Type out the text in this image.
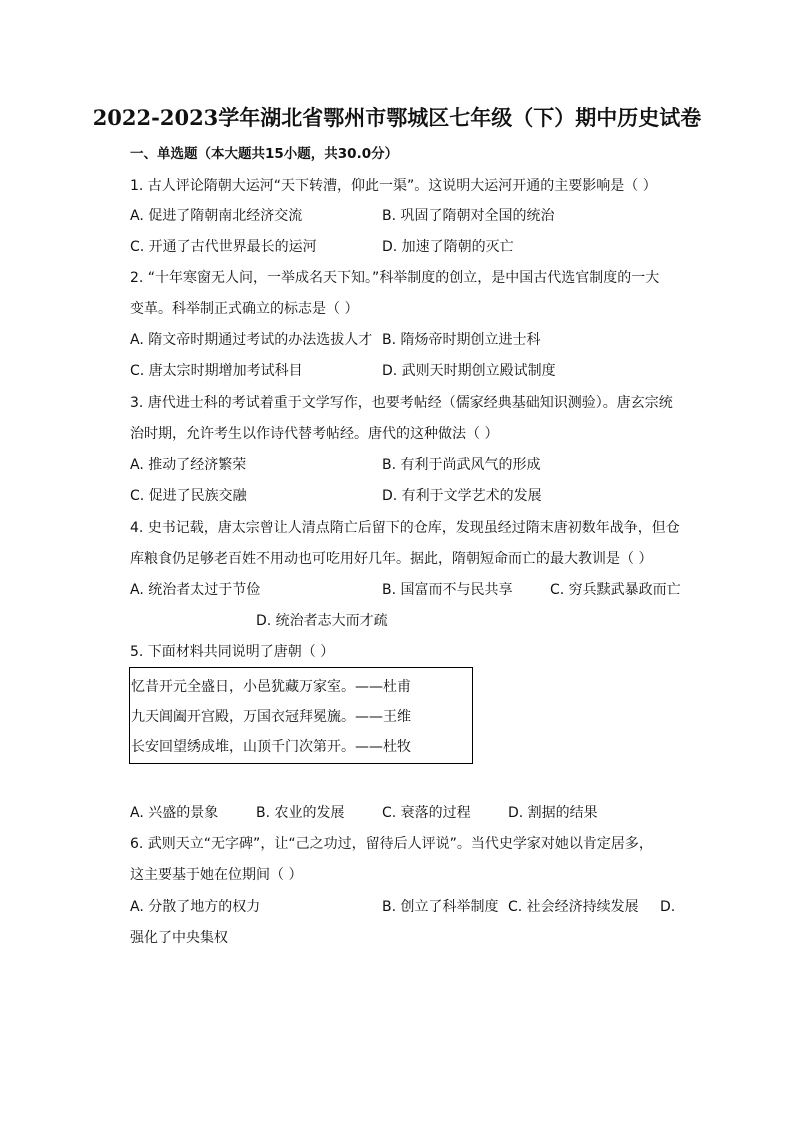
2022-2023学年湖北省鄂州市鄂城区七年级（下）期中历史试卷
一、单选题（本大题共15小题，共30.0分）
1. 古人评论隋朝大运河“天下转漕，仰此一渠”。这说明大运河开通的主要影响是（ ）
A. 促进了隋朝南北经济交流	B. 巩固了隋朝对全国的统治
C. 开通了古代世界最长的运河	D. 加速了隋朝的灭亡
2. “十年寒窗无人问，一举成名天下知。”科举制度的创立，是中国古代选官制度的一大
变革。科举制正式确立的标志是（ ）
A. 隋文帝时期通过考试的办法选拔人才 B. 隋炀帝时期创立进士科
C. 唐太宗时期增加考试科目	D. 武则天时期创立殿试制度
3. 唐代进士科的考试着重于文学写作，也要考帖经（儒家经典基础知识测验）。唐玄宗统
治时期，允许考生以作诗代替考帖经。唐代的这种做法（ ）
A. 推动了经济繁荣	B. 有利于尚武风气的形成
C. 促进了民族交融	D. 有利于文学艺术的发展
4. 史书记载，唐太宗曾让人清点隋亡后留下的仓库，发现虽经过隋末唐初数年战争，但仓
库粮食仍足够老百姓不用动也可吃用好几年。据此，隋朝短命而亡的最大教训是（ ）
A. 统治者太过于节俭	B. 国富而不与民共享	C. 穷兵黩武暴政而亡
D. 统治者志大而才疏
5. 下面材料共同说明了唐朝（ ）
忆昔开元全盛日，小邑犹藏万家室。——杜甫
九天阊阖开宫殿，万国衣冠拜冕旒。——王维
长安回望绣成堆，山顶千门次第开。——杜牧
A. 兴盛的景象	B. 农业的发展	C. 衰落的过程	D. 割据的结果
6. 武则天立“无字碑”，让“己之功过，留待后人评说”。当代史学家对她以肯定居多，
这主要基于她在位期间（ ）
A. 分散了地方的权力	B. 创立了科举制度 C. 社会经济持续发展 D.
强化了中央集权
